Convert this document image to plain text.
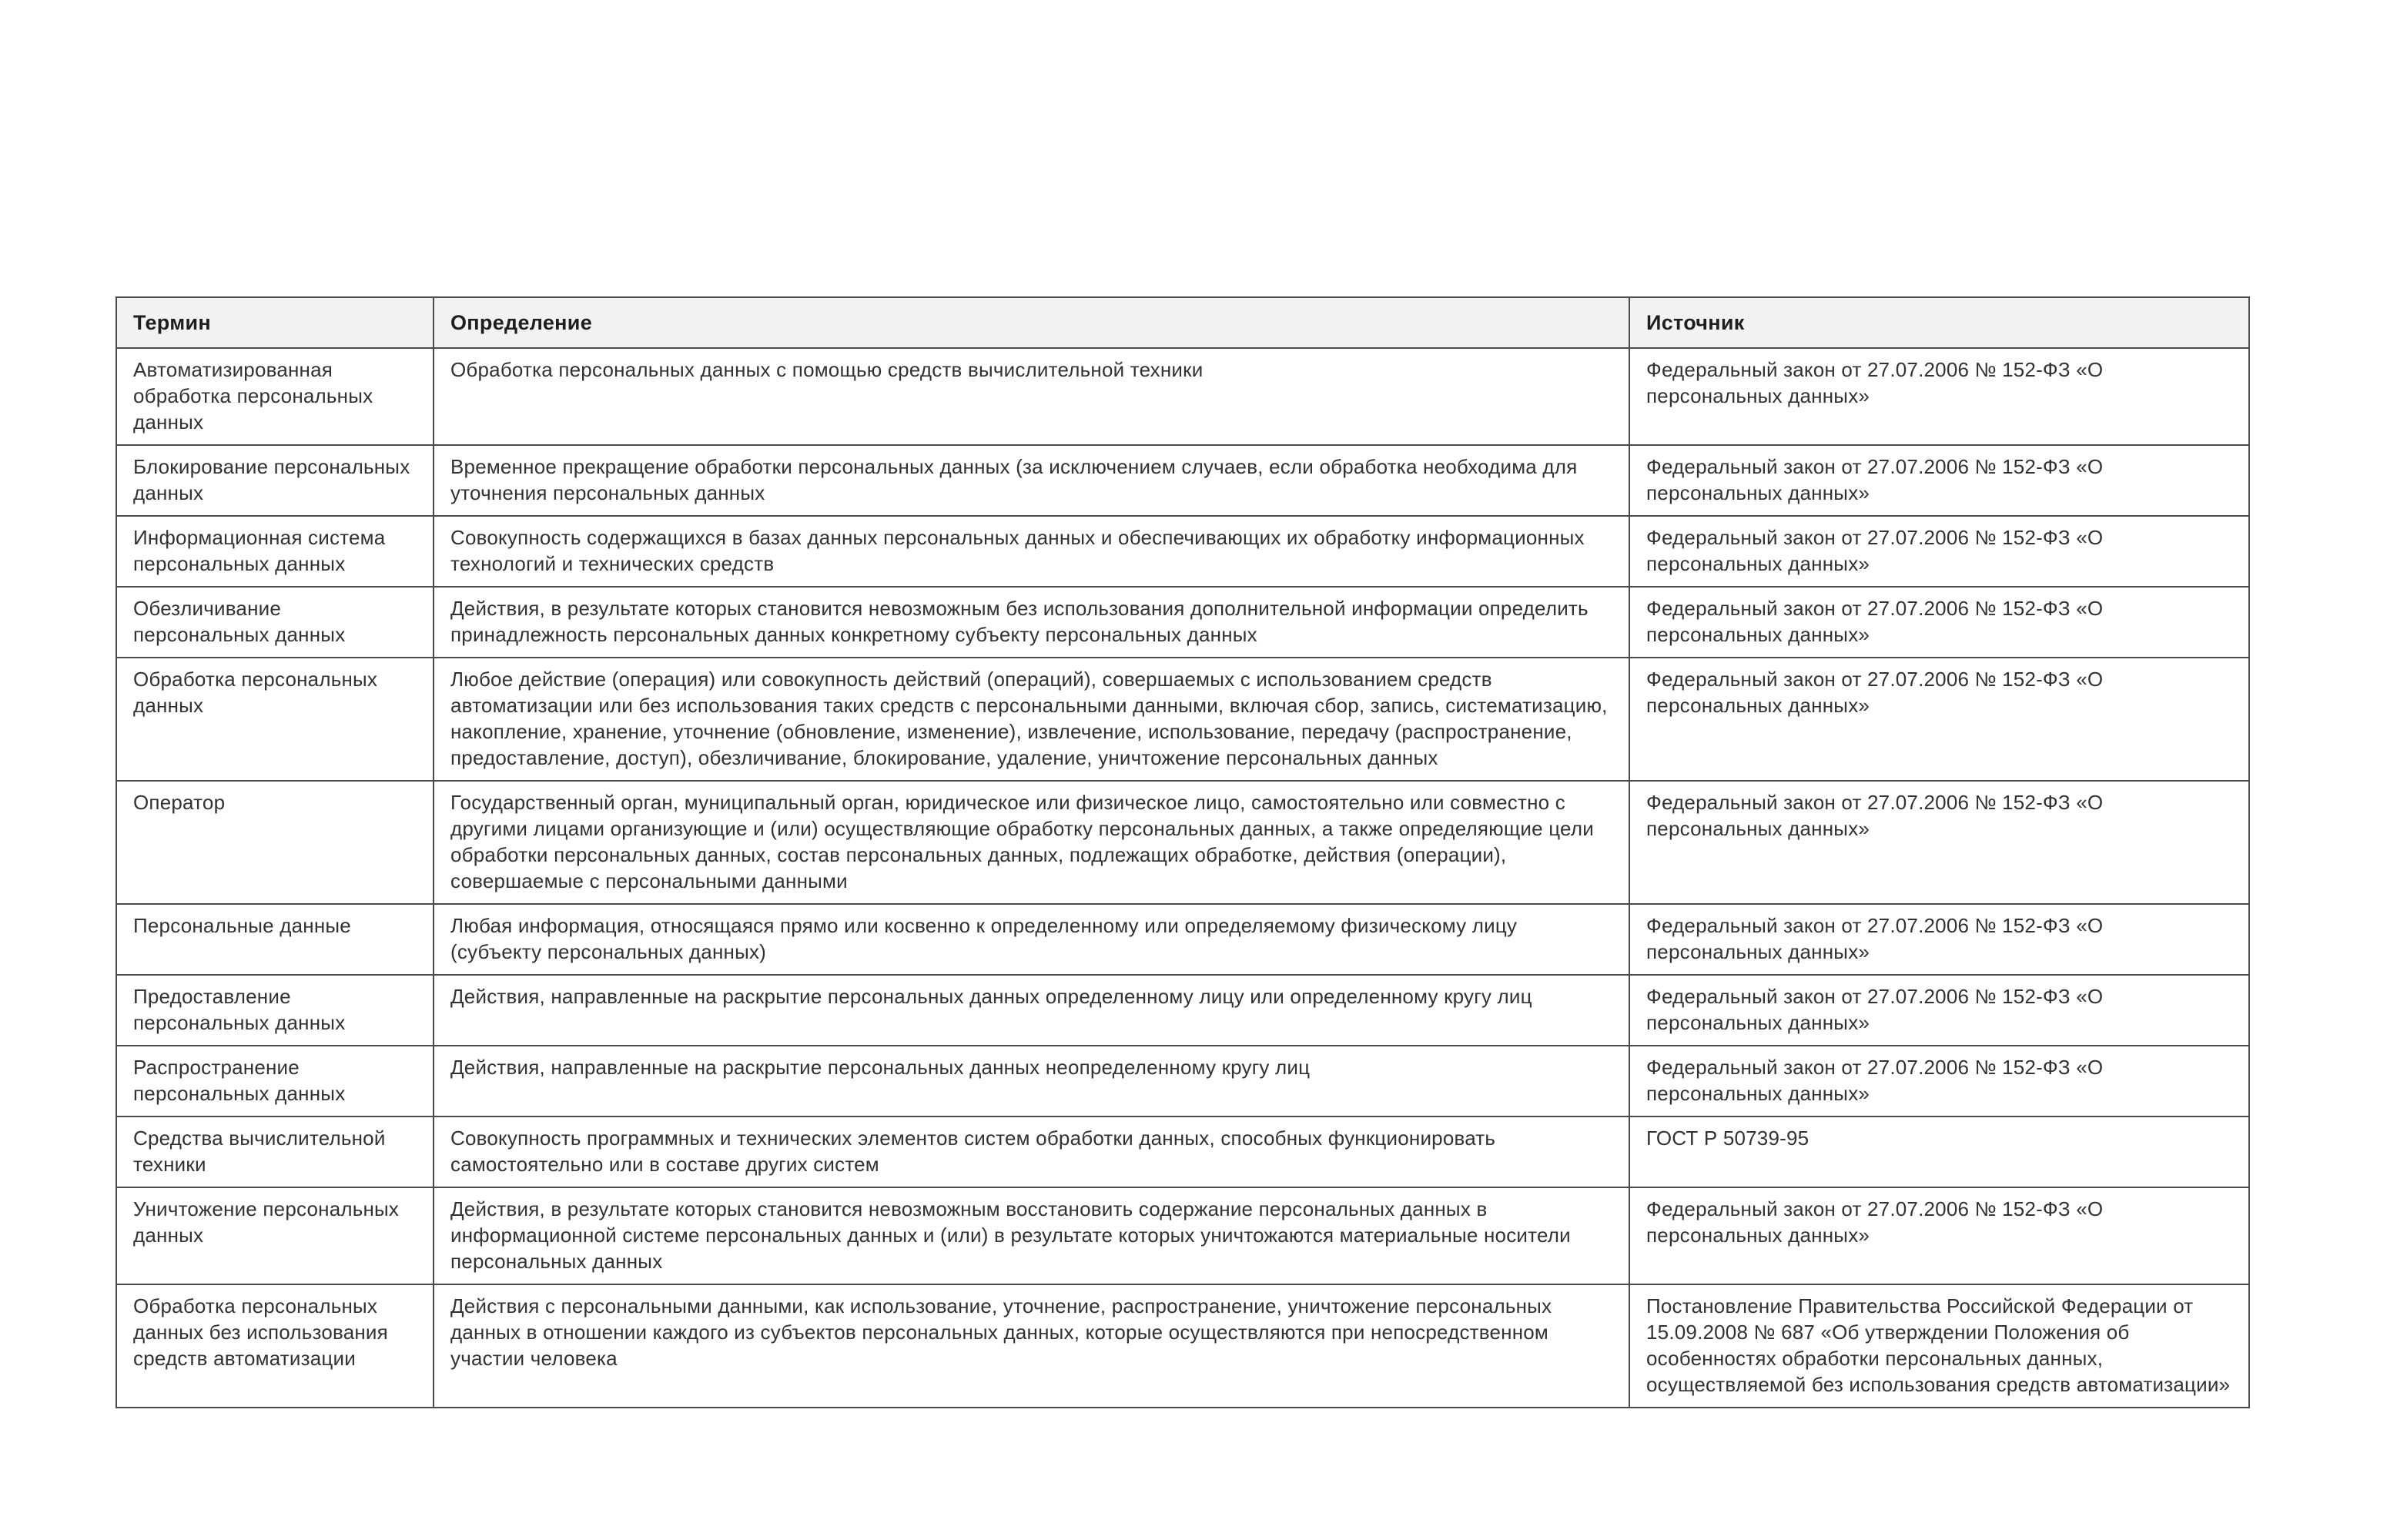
Термин	Определение	Источник
Автоматизированная обработка персональных данных	Обработка персональных данных с помощью средств вычислительной техники	Федеральный закон от 27.07.2006 № 152-ФЗ «О персональных данных»
Блокирование персональных данных	Временное прекращение обработки персональных данных (за исключением случаев, если обработка необходима для уточнения персональных данных	Федеральный закон от 27.07.2006 № 152-ФЗ «О персональных данных»
Информационная система персональных данных	Совокупность содержащихся в базах данных персональных данных и обеспечивающих их обработку информационных технологий и технических средств	Федеральный закон от 27.07.2006 № 152-ФЗ «О персональных данных»
Обезличивание персональных данных	Действия, в результате которых становится невозможным без использования дополнительной информации определить принадлежность персональных данных конкретному субъекту персональных данных	Федеральный закон от 27.07.2006 № 152-ФЗ «О персональных данных»
Обработка персональных данных	Любое действие (операция) или совокупность действий (операций), совершаемых с использованием средств автоматизации или без использования таких средств с персональными данными, включая сбор, запись, систематизацию, накопление, хранение, уточнение (обновление, изменение), извлечение, использование, передачу (распространение, предоставление, доступ), обезличивание, блокирование, удаление, уничтожение персональных данных	Федеральный закон от 27.07.2006 № 152-ФЗ «О персональных данных»
Оператор	Государственный орган, муниципальный орган, юридическое или физическое лицо, самостоятельно или совместно с другими лицами организующие и (или) осуществляющие обработку персональных данных, а также определяющие цели обработки персональных данных, состав персональных данных, подлежащих обработке, действия (операции), совершаемые с персональными данными	Федеральный закон от 27.07.2006 № 152-ФЗ «О персональных данных»
Персональные данные	Любая информация, относящаяся прямо или косвенно к определенному или определяемому физическому лицу (субъекту персональных данных)	Федеральный закон от 27.07.2006 № 152-ФЗ «О персональных данных»
Предоставление персональных данных	Действия, направленные на раскрытие персональных данных определенному лицу или определенному кругу лиц	Федеральный закон от 27.07.2006 № 152-ФЗ «О персональных данных»
Распространение персональных данных	Действия, направленные на раскрытие персональных данных неопределенному кругу лиц	Федеральный закон от 27.07.2006 № 152-ФЗ «О персональных данных»
Средства вычислительной техники	Совокупность программных и технических элементов систем обработки данных, способных функционировать самостоятельно или в составе других систем	ГОСТ Р 50739-95
Уничтожение персональных данных	Действия, в результате которых становится невозможным восстановить содержание персональных данных в информационной системе персональных данных и (или) в результате которых уничтожаются материальные носители персональных данных	Федеральный закон от 27.07.2006 № 152-ФЗ «О персональных данных»
Обработка персональных данных без использования средств автоматизации	Действия с персональными данными, как использование, уточнение, распространение, уничтожение персональных данных в отношении каждого из субъектов персональных данных, которые осуществляются при непосредственном участии человека	Постановление Правительства Российской Федерации от 15.09.2008 № 687 «Об утверждении Положения об особенностях обработки персональных данных, осуществляемой без использования средств автоматизации»
